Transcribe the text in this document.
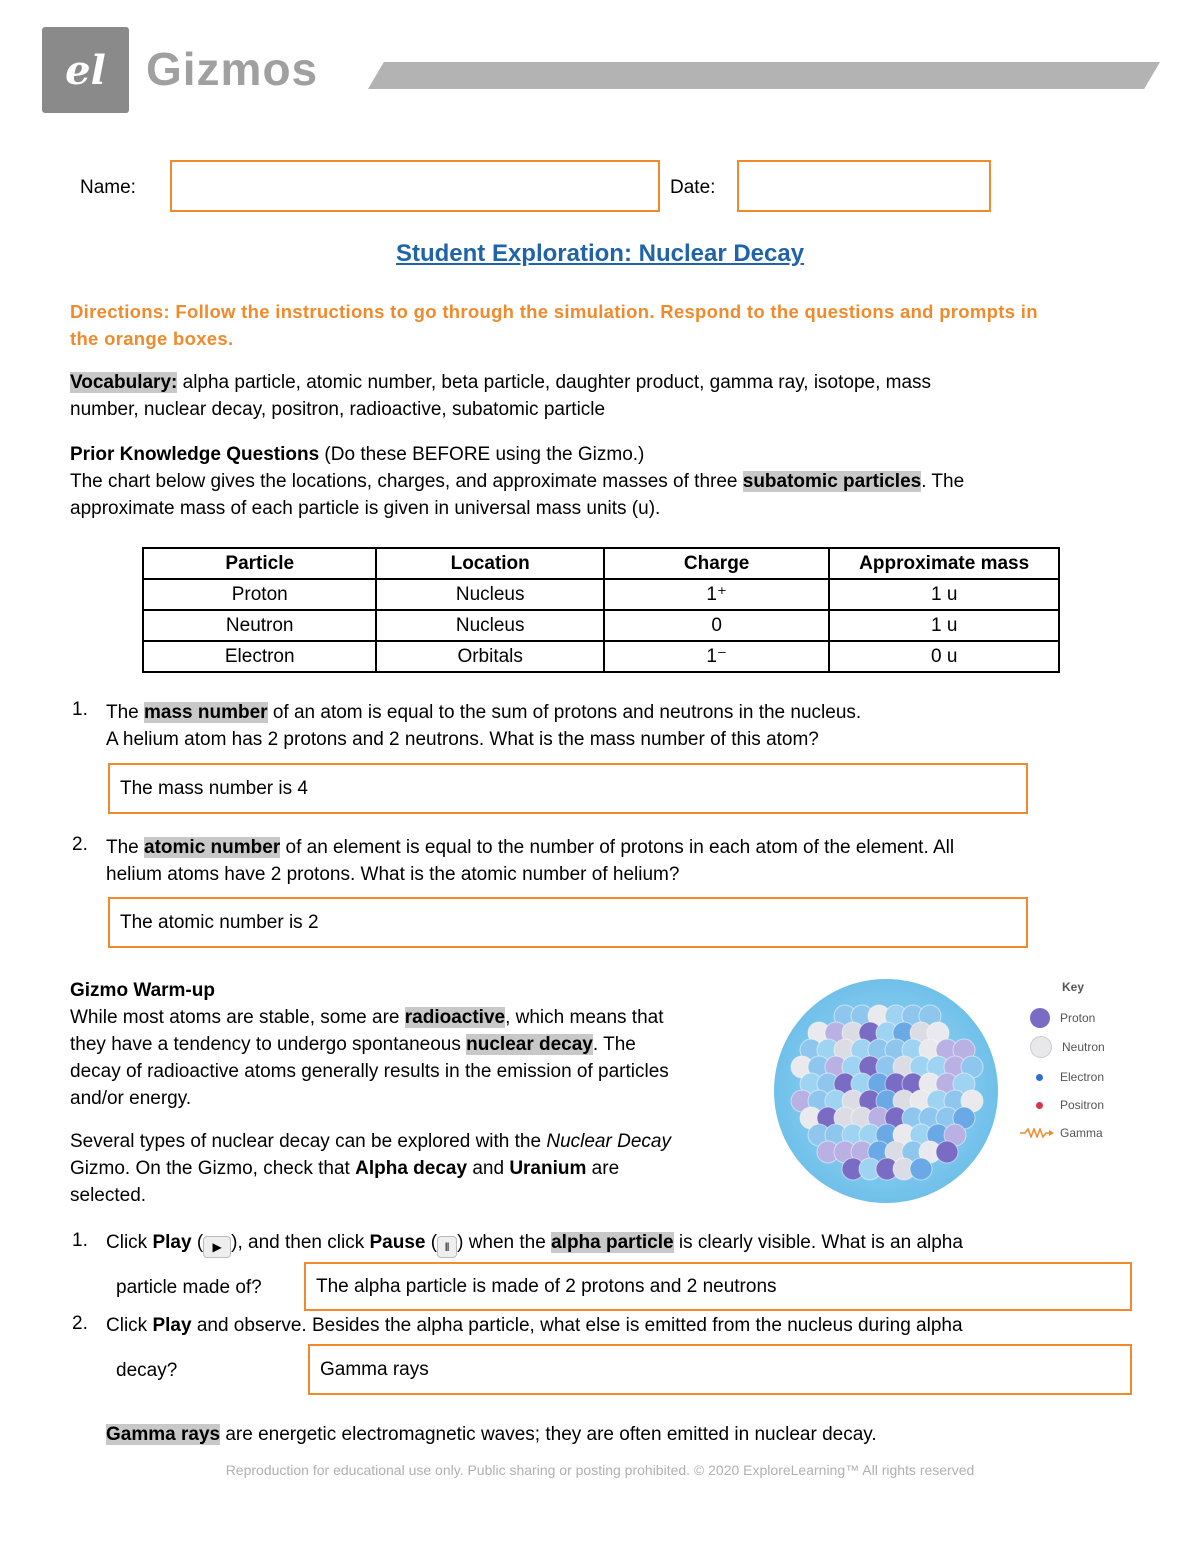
el Gizmos
Name:	Date:
Student Exploration: Nuclear Decay
Directions: Follow the instructions to go through the simulation. Respond to the questions and prompts in the orange boxes.
Vocabulary: alpha particle, atomic number, beta particle, daughter product, gamma ray, isotope, mass
number, nuclear decay, positron, radioactive, subatomic particle
Prior Knowledge Questions (Do these BEFORE using the Gizmo.)
The chart below gives the locations, charges, and approximate masses of three subatomic particles. The
approximate mass of each particle is given in universal mass units (u).
Particle	Location	Charge	Approximate mass
Proton	Nucleus	1⁺	1 u
Neutron	Nucleus	0	1 u
Electron	Orbitals	1⁻	0 u
1. The mass number of an atom is equal to the sum of protons and neutrons in the nucleus.
A helium atom has 2 protons and 2 neutrons. What is the mass number of this atom?
The mass number is 4
2. The atomic number of an element is equal to the number of protons in each atom of the element. All
helium atoms have 2 protons. What is the atomic number of helium?
The atomic number is 2
Gizmo Warm-up
While most atoms are stable, some are radioactive, which means that
they have a tendency to undergo spontaneous nuclear decay. The
decay of radioactive atoms generally results in the emission of particles
and/or energy.
Several types of nuclear decay can be explored with the Nuclear Decay
Gizmo. On the Gizmo, check that Alpha decay and Uranium are
selected.
Key
Proton
Neutron
Electron
Positron
Gamma
1. Click Play ( ▶ ), and then click Pause ( ‖ ) when the alpha particle is clearly visible. What is an alpha
particle made of?	The alpha particle is made of 2 protons and 2 neutrons
2. Click Play and observe. Besides the alpha particle, what else is emitted from the nucleus during alpha
decay?	Gamma rays
Gamma rays are energetic electromagnetic waves; they are often emitted in nuclear decay.
Reproduction for educational use only. Public sharing or posting prohibited. © 2020 ExploreLearning™ All rights reserved
